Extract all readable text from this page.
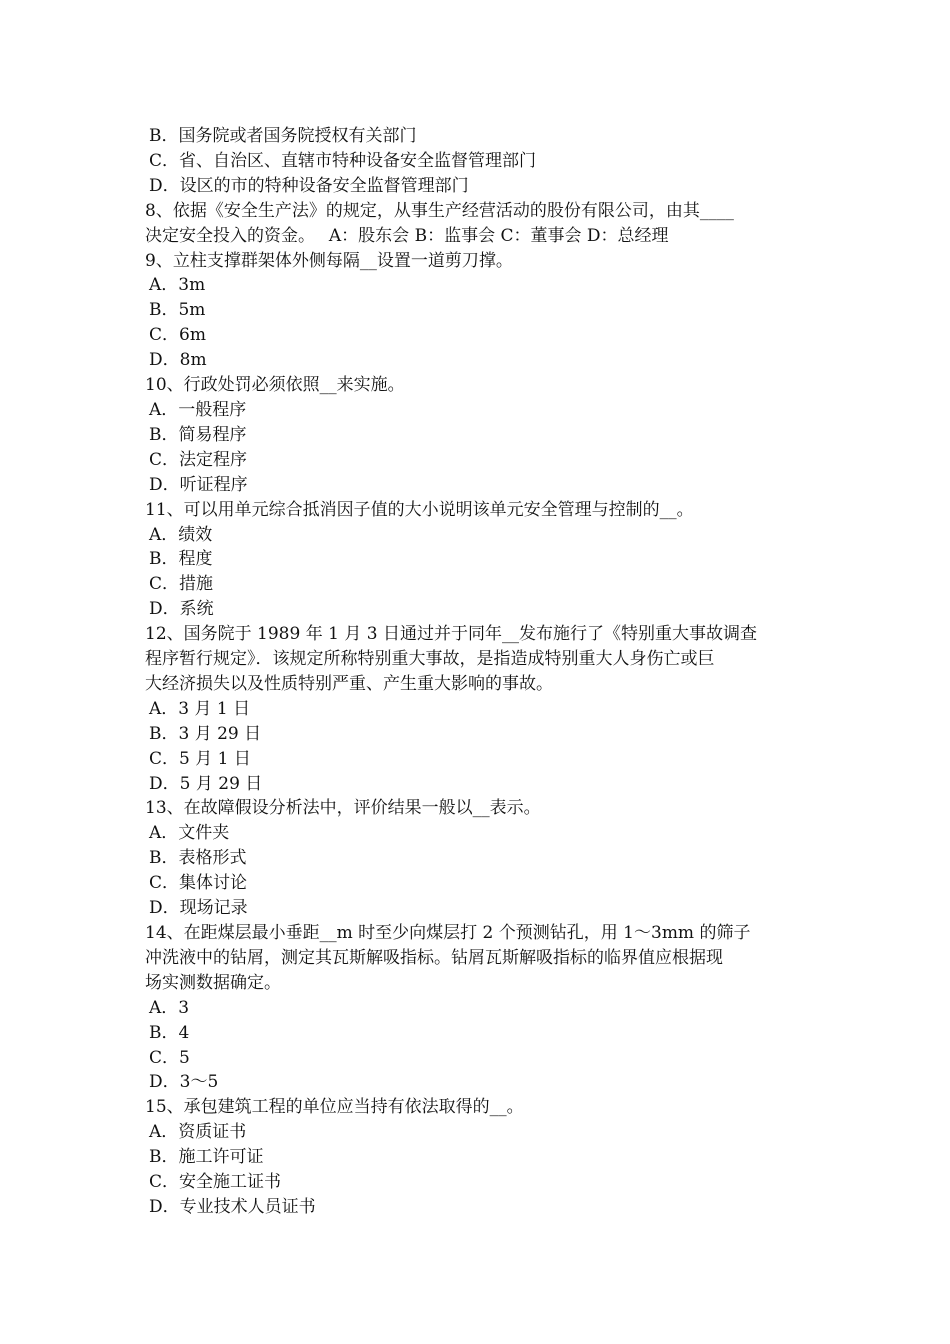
B．国务院或者国务院授权有关部门
C．省、自治区、直辖市特种设备安全监督管理部门
D．设区的市的特种设备安全监督管理部门
8、依据《安全生产法》的规定，从事生产经营活动的股份有限公司，由其____
决定安全投入的资金。　 A：股东会 B：监事会 C：董事会 D：总经理
9、立柱支撑群架体外侧每隔__设置一道剪刀撑。
A．3m
B．5m
C．6m
D．8m
10、行政处罚必须依照__来实施。
A．一般程序
B．简易程序
C．法定程序
D．听证程序
11、可以用单元综合抵消因子值的大小说明该单元安全管理与控制的__。
A．绩效
B．程度
C．措施
D．系统
12、国务院于 1989 年 1 月 3 日通过并于同年__发布施行了《特别重大事故调查
程序暂行规定》．该规定所称特别重大事故，是指造成特别重大人身伤亡或巨
大经济损失以及性质特别严重、产生重大影响的事故。
A．3 月 1 日
B．3 月 29 日
C．5 月 1 日
D．5 月 29 日
13、在故障假设分析法中，评价结果一般以__表示。
A．文件夹
B．表格形式
C．集体讨论
D．现场记录
14、在距煤层最小垂距__m 时至少向煤层打 2 个预测钻孔，用 1～3mm 的筛子
冲洗液中的钻屑，测定其瓦斯解吸指标。钻屑瓦斯解吸指标的临界值应根据现
场实测数据确定。
A．3
B．4
C．5
D．3～5
15、承包建筑工程的单位应当持有依法取得的__。
A．资质证书
B．施工许可证
C．安全施工证书
D．专业技术人员证书
